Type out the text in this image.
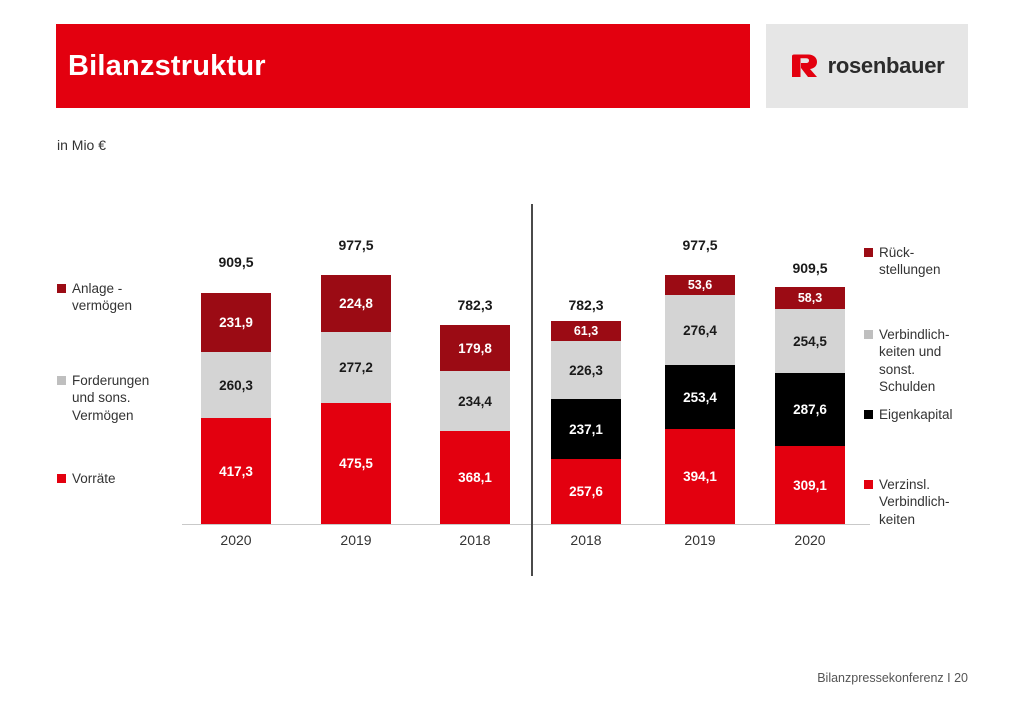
Bilanzstruktur	rosenbauer
in Mio €
Anlage -
vermögen
Forderungen
und sons.
Vermögen
Vorräte
Rück-
stellungen
Verbindlich-
keiten und
sonst.
Schulden
Eigenkapital
Verzinsl.
Verbindlich-
keiten
909,5
231,9
260,3
417,3
2020
977,5
224,8
277,2
475,5
2019
782,3
179,8
234,4
368,1
2018
782,3
61,3
226,3
237,1
257,6
2018
977,5
53,6
276,4
253,4
394,1
2019
909,5
58,3
254,5
287,6
309,1
2020
Bilanzpressekonferenz I 20
